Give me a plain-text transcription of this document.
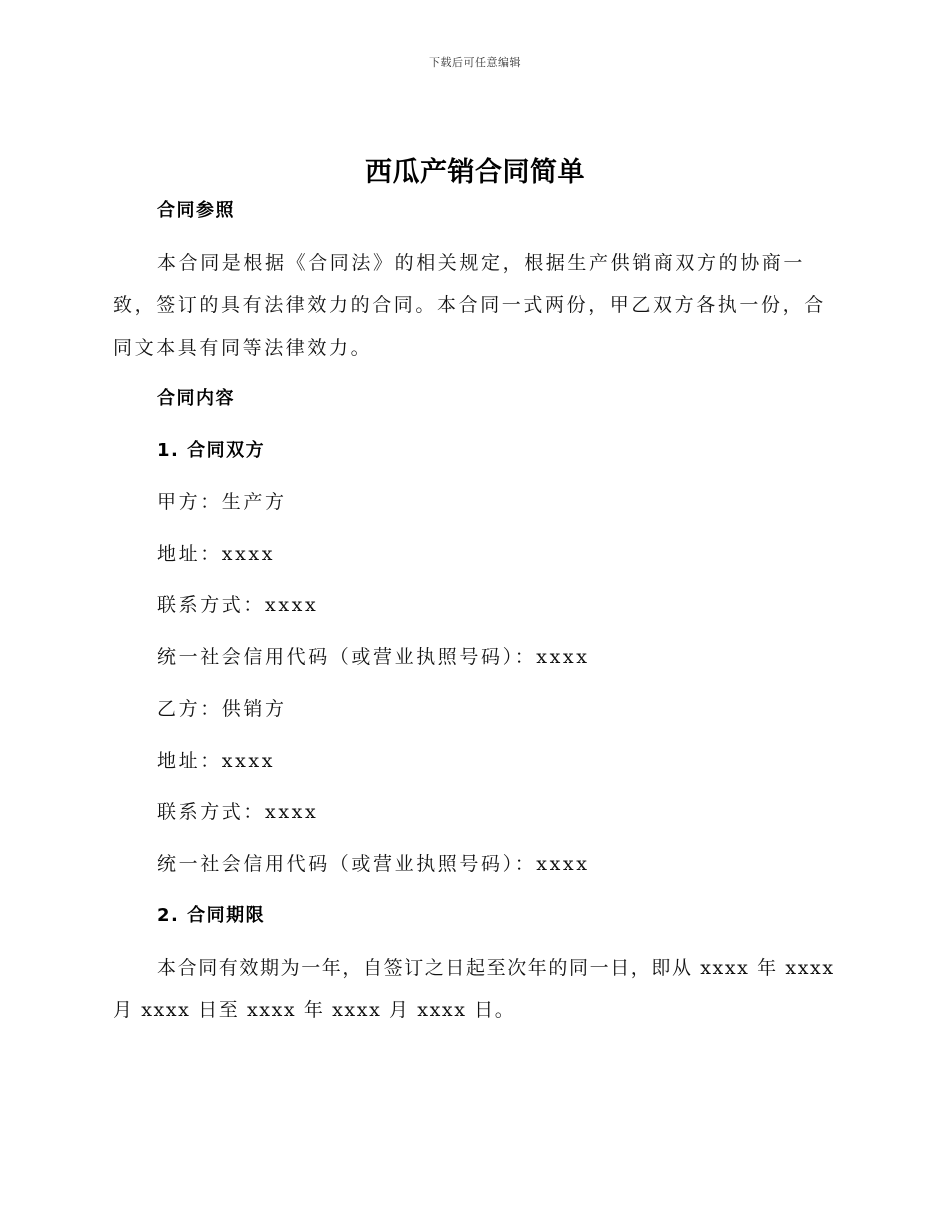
下载后可任意编辑
西瓜产销合同简单
合同参照
本合同是根据《合同法》的相关规定，根据生产供销商双方的协商一
致，签订的具有法律效力的合同。本合同一式两份，甲乙双方各执一份，合
同文本具有同等法律效力。
合同内容
1. 合同双方
甲方：生产方
地址：xxxx
联系方式：xxxx
统一社会信用代码（或营业执照号码）：xxxx
乙方：供销方
地址：xxxx
联系方式：xxxx
统一社会信用代码（或营业执照号码）：xxxx
2. 合同期限
本合同有效期为一年，自签订之日起至次年的同一日，即从 xxxx 年 xxxx
月 xxxx 日至 xxxx 年 xxxx 月 xxxx 日。
